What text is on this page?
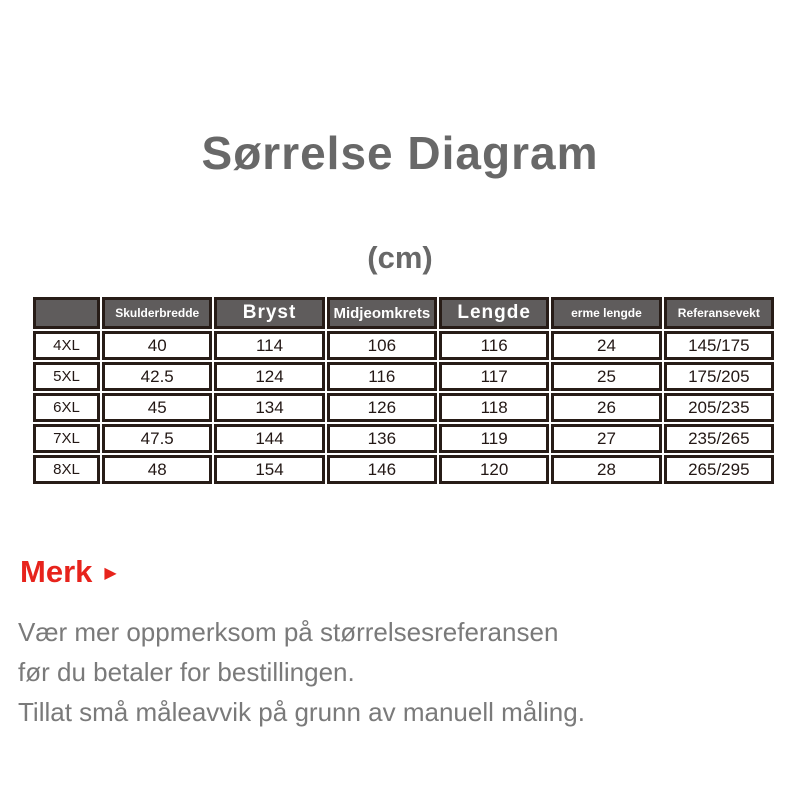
Sørrelse Diagram
(cm)
	Skulderbredde	Bryst	Midjeomkrets	Lengde	erme lengde	Referansevekt
4XL	40	114	106	116	24	145/175
5XL	42.5	124	116	117	25	175/205
6XL	45	134	126	118	26	205/235
7XL	47.5	144	136	119	27	235/265
8XL	48	154	146	120	28	265/295
Merk ▶
Vær mer oppmerksom på størrelsesreferansen
før du betaler for bestillingen.
Tillat små måleavvik på grunn av manuell måling.
